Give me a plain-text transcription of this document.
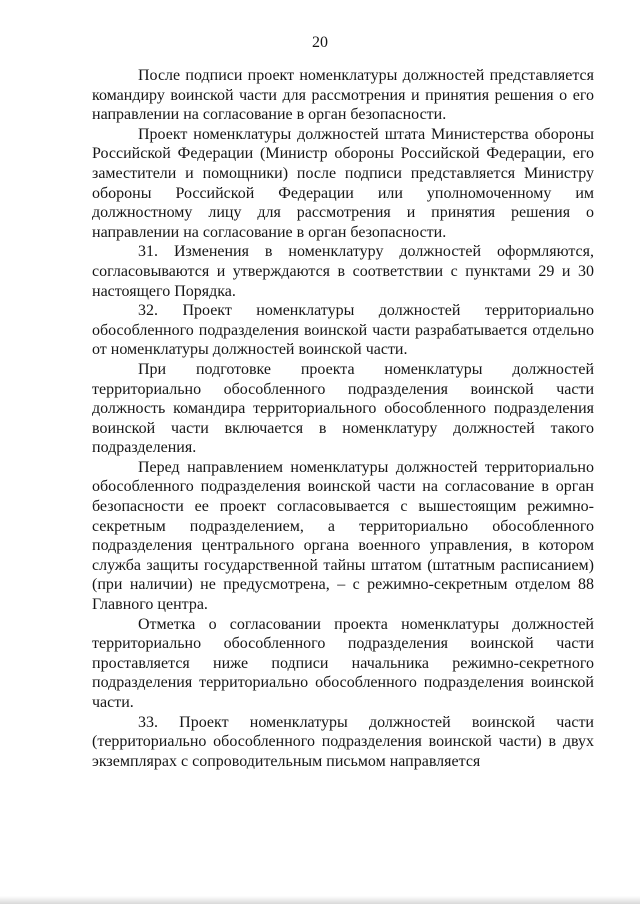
20

После подписи проект номенклатуры должностей представляется командиру воинской части для рассмотрения и принятия решения о его направлении на согласование в орган безопасности.

Проект номенклатуры должностей штата Министерства обороны Российской Федерации (Министр обороны Российской Федерации, его заместители и помощники) после подписи представляется Министру обороны Российской Федерации или уполномоченному им должностному лицу для рассмотрения и принятия решения о направлении на согласование в орган безопасности.

31. Изменения в номенклатуру должностей оформляются, согласовываются и утверждаются в соответствии с пунктами 29 и 30 настоящего Порядка.

32. Проект номенклатуры должностей территориально обособленного подразделения воинской части разрабатывается отдельно от номенклатуры должностей воинской части.

При подготовке проекта номенклатуры должностей территориально обособленного подразделения воинской части должность командира территориального обособленного подразделения воинской части включается в номенклатуру должностей такого подразделения.

Перед направлением номенклатуры должностей территориально обособленного подразделения воинской части на согласование в орган безопасности ее проект согласовывается с вышестоящим режимно-секретным подразделением, а территориально обособленного подразделения центрального органа военного управления, в котором служба защиты государственной тайны штатом (штатным расписанием) (при наличии) не предусмотрена, – с режимно-секретным отделом 88 Главного центра.

Отметка о согласовании проекта номенклатуры должностей территориально обособленного подразделения воинской части проставляется ниже подписи начальника режимно-секретного подразделения территориально обособленного подразделения воинской части.

33. Проект номенклатуры должностей воинской части (территориально обособленного подразделения воинской части) в двух экземплярах с сопроводительным письмом направляется
